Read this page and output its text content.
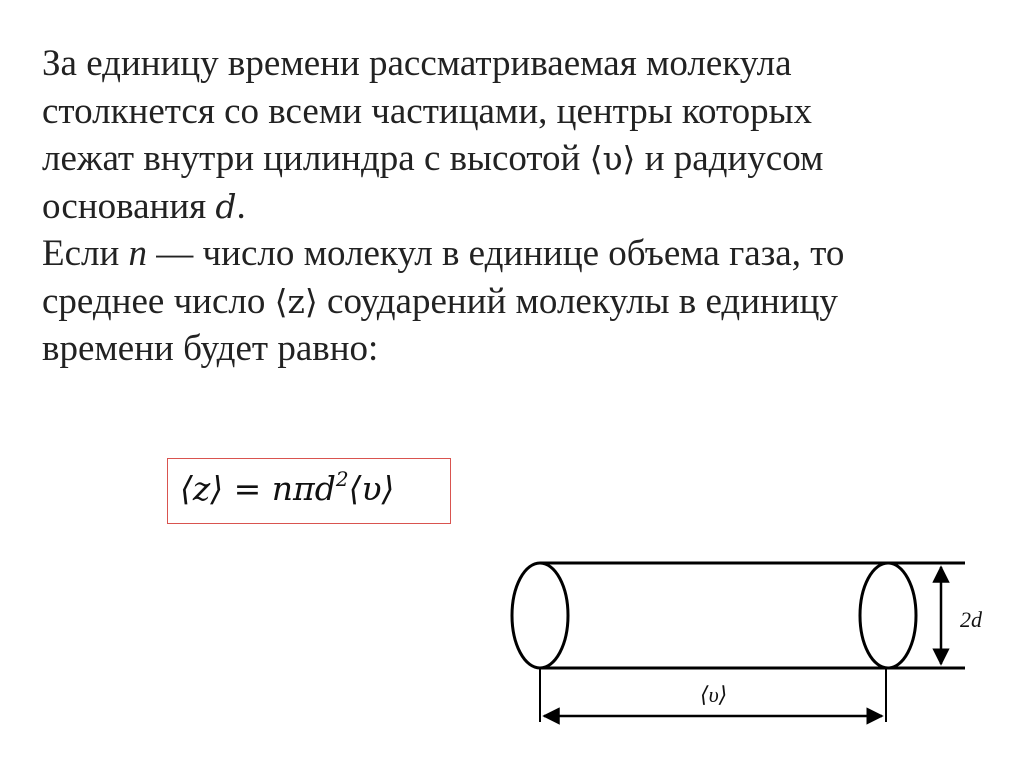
За единицу времени рассматриваемая молекула
столкнется со всеми частицами, центры которых
лежат внутри цилиндра с высотой ⟨υ⟩ и радиусом
основания d.
Если n — число молекул в единице объема газа, то
среднее число ⟨z⟩ соударений молекулы в единицу
времени будет равно:
⟨z⟩ = nπd$^2$⟨υ⟩
2d
⟨υ⟩
